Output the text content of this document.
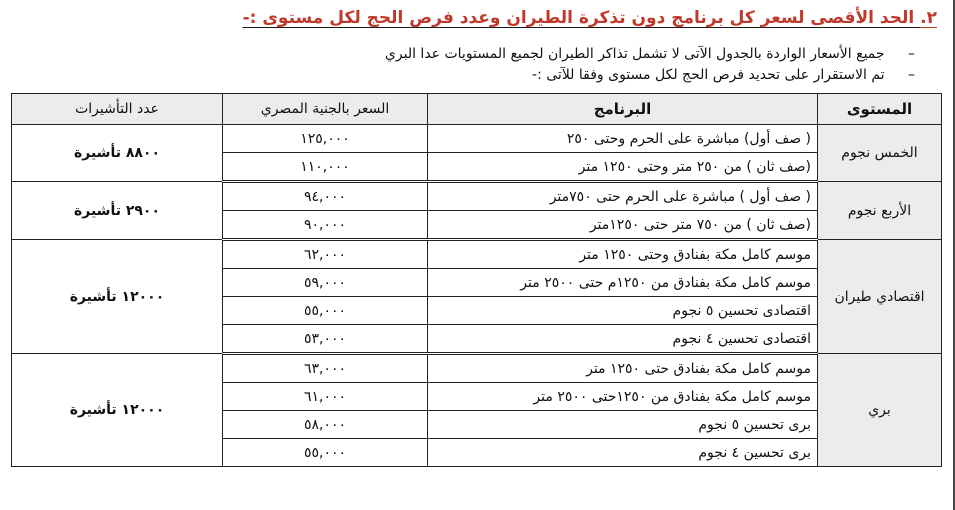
٢. الحد الأقصى لسعر كل برنامج دون تذكرة الطيران وعدد فرص الحج لكل مستوى :-
– جميع الأسعار الواردة بالجدول الآتى لا تشمل تذاكر الطيران لجميع المستويات عدا البري
– تم الاستقرار على تحديد فرص الحج لكل مستوى وفقا للآتى :-
المستوى	البرنامج	السعر بالجنية المصري	عدد التأشيرات
الخمس نجوم	( صف أول) مباشرة على الحرم وحتى ٢٥٠	١٢٥,٠٠٠	٨٨٠٠ تأشيرة
	(صف ثان ) من ٢٥٠ متر وحتى ١٢٥٠ متر	١١٠,٠٠٠	
الأربع نجوم	( صف أول ) مباشرة على الحرم حتى ٧٥٠متر	٩٤,٠٠٠	٢٩٠٠ تأشيرة
	(صف ثان ) من ٧٥٠ متر حتى ١٢٥٠متر	٩٠,٠٠٠	
اقتصادي طيران	موسم كامل مكة بفنادق وحتى ١٢٥٠ متر	٦٢,٠٠٠	١٢٠٠٠ تأشيرة
	موسم كامل مكة بفنادق من ١٢٥٠م حتى ٢٥٠٠ متر	٥٩,٠٠٠	
	اقتصادى تحسين ٥ نجوم	٥٥,٠٠٠	
	اقتصادى تحسين ٤ نجوم	٥٣,٠٠٠	
بري	موسم كامل مكة بفنادق حتى ١٢٥٠ متر	٦٣,٠٠٠	١٢٠٠٠ تأشيرة
	موسم كامل مكة بفنادق من ١٢٥٠حتى ٢٥٠٠ متر	٦١,٠٠٠	
	برى تحسين ٥ نجوم	٥٨,٠٠٠	
	برى تحسين ٤ نجوم	٥٥,٠٠٠	
